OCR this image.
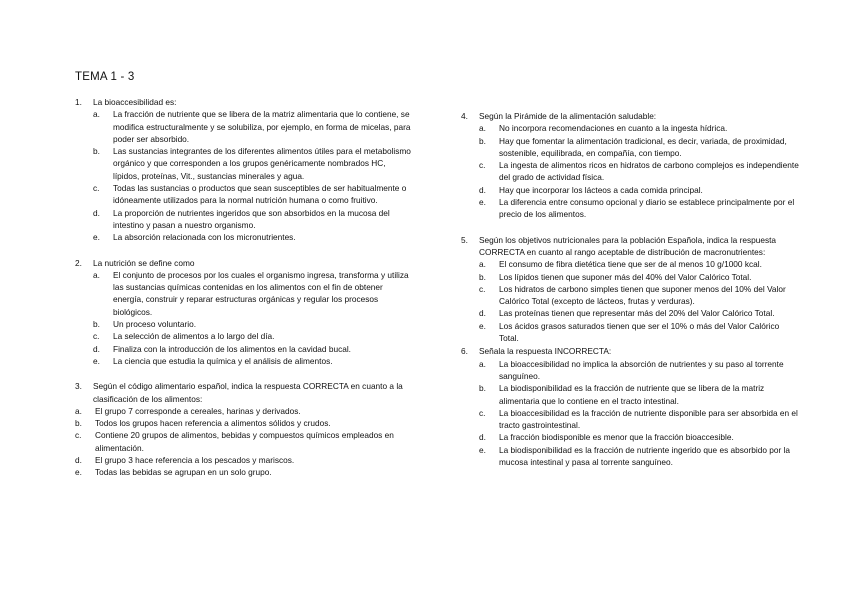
TEMA 1 - 3
1.	La bioaccesibilidad es:
a.	La fracción de nutriente que se libera de la matriz alimentaria que lo contiene, se modifica estructuralmente y se solubiliza, por ejemplo, en forma de micelas, para poder ser absorbido.
b.	Las sustancias integrantes de los diferentes alimentos útiles para el metabolismo orgánico y que corresponden a los grupos genéricamente nombrados HC, lípidos, proteínas, Vit., sustancias minerales y agua.
c.	Todas las sustancias o productos que sean susceptibles de ser habitualmente o idóneamente utilizados para la normal nutrición humana o como fruitivo.
d.	La proporción de nutrientes ingeridos que son absorbidos en la mucosa del intestino y pasan a nuestro organismo.
e.	La absorción relacionada con los micronutrientes.
2.	La nutrición se define como
a.	El conjunto de procesos por los cuales el organismo ingresa, transforma y utiliza las sustancias químicas contenidas en los alimentos con el fin de obtener energía, construir y reparar estructuras orgánicas y regular los procesos biológicos.
b.	Un proceso voluntario.
c.	La selección de alimentos a lo largo del día.
d.	Finaliza con la introducción de los alimentos en la cavidad bucal.
e.	La ciencia que estudia la química y el análisis de alimentos.
3.	Según el código alimentario español, indica la respuesta CORRECTA en cuanto a la clasificación de los alimentos:
a.	El grupo 7 corresponde a cereales, harinas y derivados.
b.	Todos los grupos hacen referencia a alimentos sólidos y crudos.
c.	Contiene 20 grupos de alimentos, bebidas y compuestos químicos empleados en alimentación.
d.	El grupo 3 hace referencia a los pescados y mariscos.
e.	Todas las bebidas se agrupan en un solo grupo.
4.	Según la Pirámide de la alimentación saludable:
a.	No incorpora recomendaciones en cuanto a la ingesta hídrica.
b.	Hay que fomentar la alimentación tradicional, es decir, variada, de proximidad, sostenible, equilibrada, en compañía, con tiempo.
c.	La ingesta de alimentos ricos en hidratos de carbono complejos es independiente del grado de actividad física.
d.	Hay que incorporar los lácteos a cada comida principal.
e.	La diferencia entre consumo opcional y diario se establece principalmente por el precio de los alimentos.
5.	Según los objetivos nutricionales para la población Española, indica la respuesta CORRECTA en cuanto al rango aceptable de distribución de macronutrientes:
a.	El consumo de fibra dietética tiene que ser de al menos 10 g/1000 kcal.
b.	Los lípidos tienen que suponer más del 40% del Valor Calórico Total.
c.	Los hidratos de carbono simples tienen que suponer menos del 10% del Valor Calórico Total (excepto de lácteos, frutas y verduras).
d.	Las proteínas tienen que representar más del 20% del Valor Calórico Total.
e.	Los ácidos grasos saturados tienen que ser el 10% o más del Valor Calórico Total.
6.	Señala la respuesta INCORRECTA:
a.	La bioaccesibilidad no implica la absorción de nutrientes y su paso al torrente sanguíneo.
b.	La biodisponibilidad es la fracción de nutriente que se libera de la matriz alimentaria que lo contiene en el tracto intestinal.
c.	La bioaccesibilidad es la fracción de nutriente disponible para ser absorbida en el tracto gastrointestinal.
d.	La fracción biodisponible es menor que la fracción bioaccesible.
e.	La biodisponibilidad es la fracción de nutriente ingerido que es absorbido por la mucosa intestinal y pasa al torrente sanguíneo.
